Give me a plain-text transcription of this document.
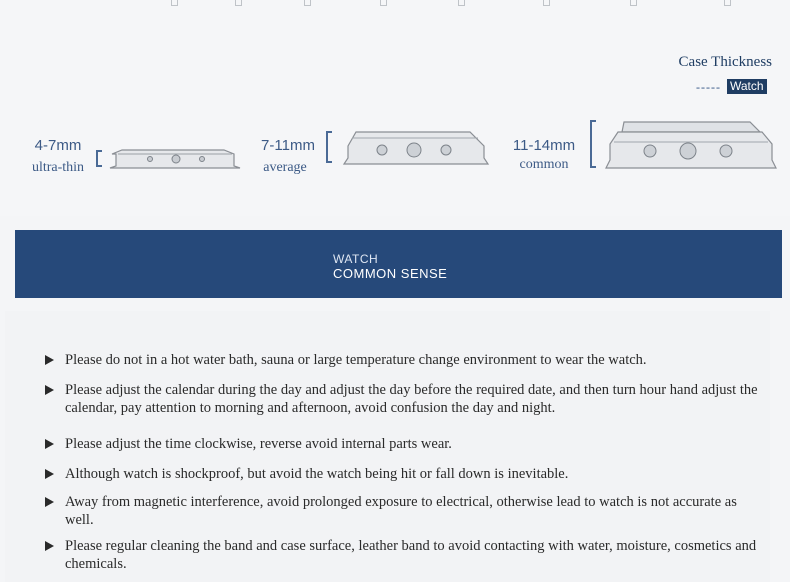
Case Thickness
----- Watch
4-7mm
ultra-thin
7-11mm
average
11-14mm
common
WATCH
COMMON SENSE
Please do not in a hot water bath, sauna or large temperature change environment to wear the watch.
Please adjust the calendar during the day and adjust the day before the required date, and then turn hour hand adjust the calendar, pay attention to morning and afternoon, avoid confusion the day and night.
Please adjust the time clockwise, reverse avoid internal parts wear.
Although watch is shockproof, but avoid the watch being hit or fall down is inevitable.
Away from magnetic interference, avoid prolonged exposure to electrical, otherwise lead to watch is not accurate as well.
Please regular cleaning the band and case surface, leather band to avoid contacting with water, moisture, cosmetics and chemicals.
